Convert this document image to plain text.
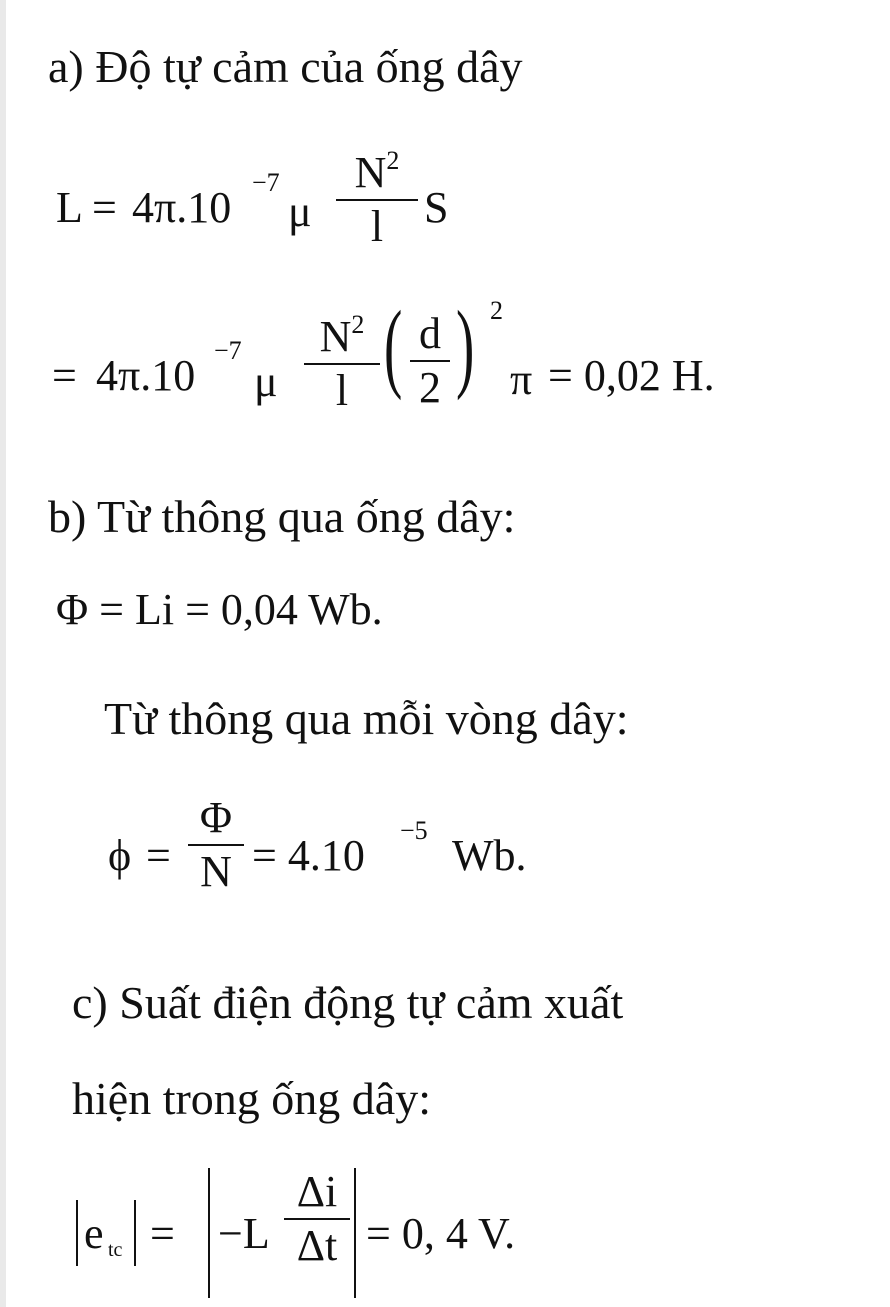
a) Độ tự cảm của ống dây
L = 4π.10
−7
μ
$N^2$
l S
= 4π.10
−7
μ
$N^2$
l ( d
2 ) 2
π = 0,02 H.
b) Từ thông qua ống dây:
Φ = Li = 0,04 Wb.
Từ thông qua mỗi vòng dây:
ϕ =
Φ
N = 4.10
−5
Wb.
c) Suất điện động tự cảm xuất
hiện trong ống dây:
e tc = −L
Δi
Δt = 0, 4 V.
